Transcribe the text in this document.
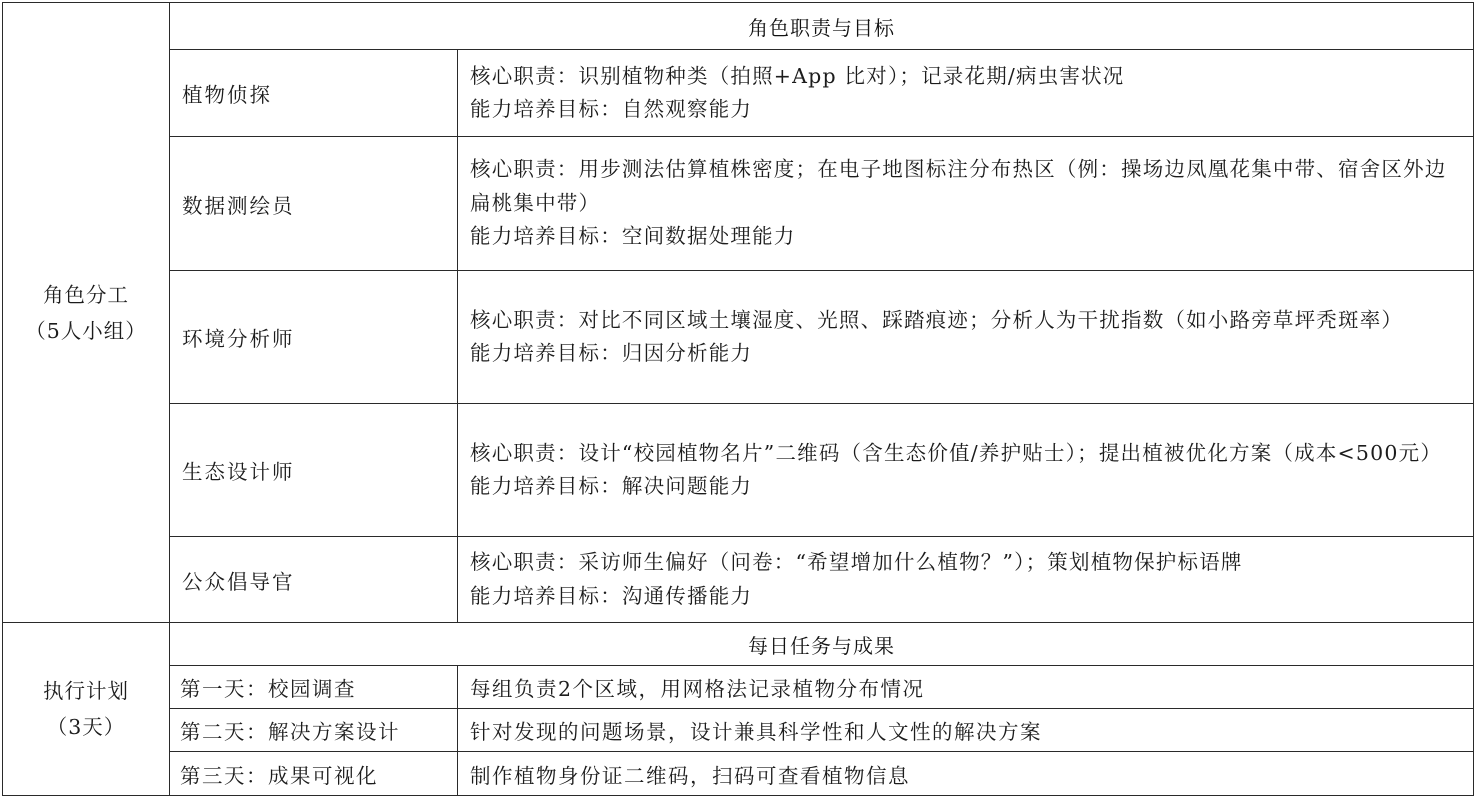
角色分工
（5人小组）	角色职责与目标	
	植物侦探	核心职责：识别植物种类（拍照+App 比对）；记录花期/病虫害状况
能力培养目标：自然观察能力

	数据测绘员	核心职责：用步测法估算植株密度；在电子地图标注分布热区（例：操场边凤凰花集中带、宿舍区外边扁桃集中带）
能力培养目标：空间数据处理能力

	环境分析师	核心职责：对比不同区域土壤湿度、光照、踩踏痕迹；分析人为干扰指数（如小路旁草坪秃斑率）
能力培养目标：归因分析能力

	生态设计师	核心职责：设计“校园植物名片”二维码（含生态价值/养护贴士）；提出植被优化方案（成本<500元）
能力培养目标：解决问题能力

	公众倡导官	核心职责：采访师生偏好（问卷：“希望增加什么植物？”）；策划植物保护标语牌
能力培养目标：沟通传播能力

执行计划
（3天）	每日任务与成果	
	第一天：校园调查	每组负责2个区域，用网格法记录植物分布情况
	第二天：解决方案设计	针对发现的问题场景，设计兼具科学性和人文性的解决方案
	第三天：成果可视化	制作植物身份证二维码，扫码可查看植物信息
